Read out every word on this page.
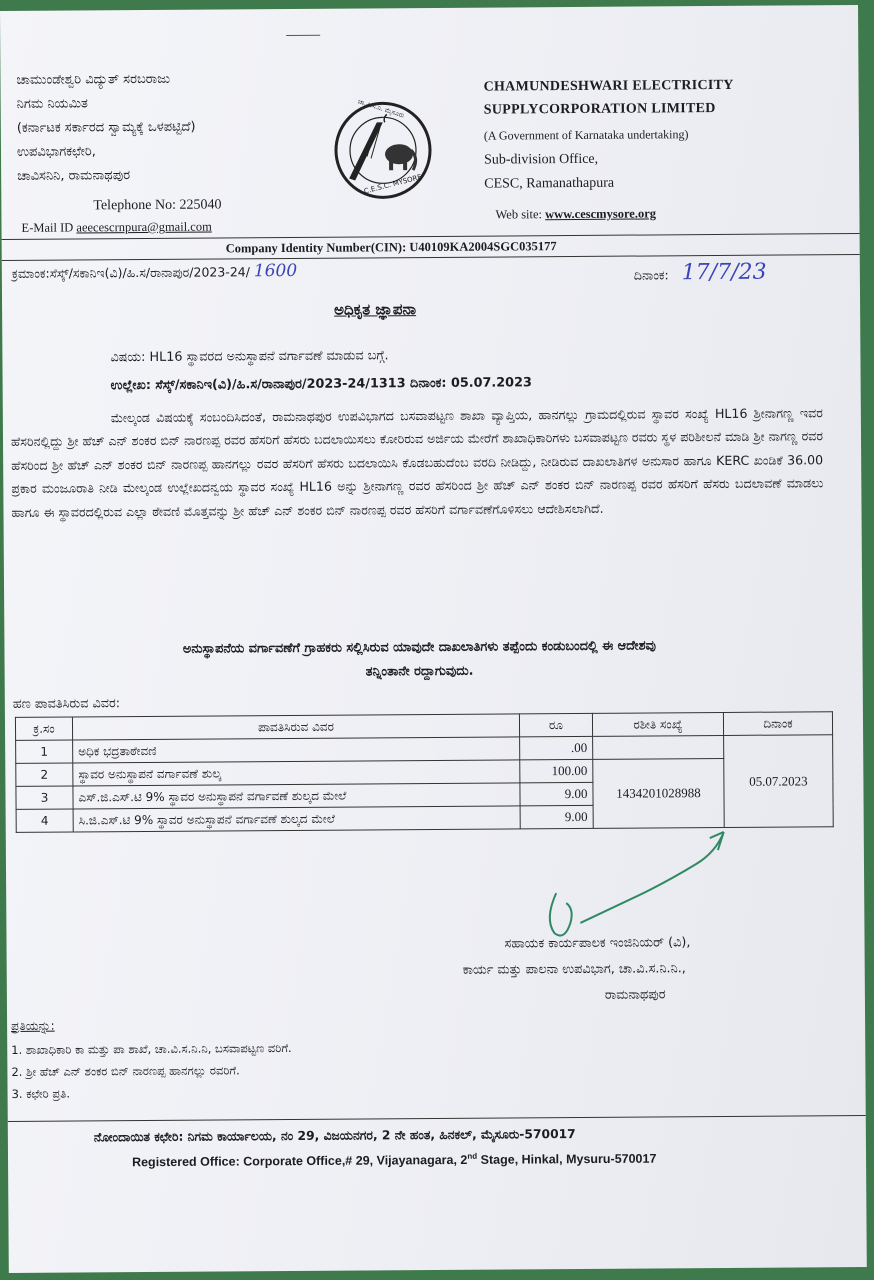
ಚಾಮುಂಡೇಶ್ವರಿ ವಿದ್ಯುತ್ ಸರಬರಾಜು
ನಿಗಮ ನಿಯಮಿತ
(ಕರ್ನಾಟಕ ಸರ್ಕಾರದ ಸ್ವಾಮ್ಯಕ್ಕೆ ಒಳಪಟ್ಟಿದೆ)
ಉಪವಿಭಾಗಕಛೇರಿ,
ಚಾವಿಸನಿನಿ, ರಾಮನಾಥಪುರ
Telephone No: 225040
E-Mail ID aeecescrnpura@gmail.com
ಚಾ.ವಿ.ಸ.ನಿ. ಮೈಸೂರು
C.E.S.C. MYSORE
CHAMUNDESHWARI ELECTRICITY
SUPPLYCORPORATION LIMITED
(A Government of Karnataka undertaking)
Sub-division Office,
CESC, Ramanathapura
Web site: www.cescmysore.org
Company Identity Number(CIN): U40109KA2004SGC035177
ಕ್ರಮಾಂಕ:ಸೆಸ್ಕ್/ಸಕಾನಿಇ(ವಿ)/ಹಿ.ಸ/ರಾನಾಪುರ/2023-24/ 1600	ದಿನಾಂಕ: 17/7/23
ಅಧಿಕೃತ ಜ್ಞಾಪನಾ
ವಿಷಯ: HL16 ಸ್ಥಾವರದ ಅನುಸ್ಥಾಪನೆ ವರ್ಗಾವಣೆ ಮಾಡುವ ಬಗ್ಗೆ.
ಉಲ್ಲೇಖ: ಸೆಸ್ಕ್/ಸಕಾನಿಇ(ವಿ)/ಹಿ.ಸ/ರಾನಾಪುರ/2023-24/1313 ದಿನಾಂಕ: 05.07.2023
ಮೇಲ್ಕಂಡ ವಿಷಯಕ್ಕೆ ಸಂಬಂದಿಸಿದಂತೆ, ರಾಮನಾಥಪುರ ಉಪವಿಭಾಗದ ಬಸವಾಪಟ್ಟಣ ಶಾಖಾ ವ್ಯಾಪ್ತಿಯ, ಹಾನಗಲ್ಲು ಗ್ರಾಮದಲ್ಲಿರುವ ಸ್ಥಾವರ ಸಂಖ್ಯೆ HL16 ಶ್ರೀನಾಗಣ್ಣ ಇವರ ಹೆಸರಿನಲ್ಲಿದ್ದು ಶ್ರೀ ಹೆಚ್ ಎನ್ ಶಂಕರ ಬಿನ್ ನಾರಣಪ್ಪ ರವರ ಹೆಸರಿಗೆ ಹೆಸರು ಬದಲಾಯಿಸಲು ಕೋರಿರುವ ಅರ್ಜಿಯ ಮೇರೆಗೆ ಶಾಖಾಧಿಕಾರಿಗಳು ಬಸವಾಪಟ್ಟಣ ರವರು ಸ್ಥಳ ಪರಿಶೀಲನೆ ಮಾಡಿ ಶ್ರೀ ನಾಗಣ್ಣ ರವರ ಹೆಸರಿಂದ ಶ್ರೀ ಹೆಚ್ ಎನ್ ಶಂಕರ ಬಿನ್ ನಾರಣಪ್ಪ ಹಾನಗಲ್ಲು ರವರ ಹೆಸರಿಗೆ ಹೆಸರು ಬದಲಾಯಿಸಿ ಕೊಡಬಹುದೆಂಬ ವರದಿ ನೀಡಿದ್ದು, ನೀಡಿರುವ ದಾಖಲಾತಿಗಳ ಅನುಸಾರ ಹಾಗೂ KERC ಖಂಡಿಕೆ 36.00 ಪ್ರಕಾರ ಮಂಜೂರಾತಿ ನೀಡಿ ಮೇಲ್ಕಂಡ ಉಲ್ಲೇಖದನ್ವಯ ಸ್ಥಾವರ ಸಂಖ್ಯೆ HL16 ಅನ್ನು ಶ್ರೀನಾಗಣ್ಣ ರವರ ಹೆಸರಿಂದ ಶ್ರೀ ಹೆಚ್ ಎನ್ ಶಂಕರ ಬಿನ್ ನಾರಣಪ್ಪ ರವರ ಹೆಸರಿಗೆ ಹೆಸರು ಬದಲಾವಣೆ ಮಾಡಲು ಹಾಗೂ ಈ ಸ್ಥಾವರದಲ್ಲಿರುವ ಎಲ್ಲಾ ಠೇವಣಿ ಮೊತ್ತವನ್ನು ಶ್ರೀ ಹೆಚ್ ಎನ್ ಶಂಕರ ಬಿನ್ ನಾರಣಪ್ಪ ರವರ ಹೆಸರಿಗೆ ವರ್ಗಾವಣೆಗೊಳಿಸಲು ಆದೇಶಿಸಲಾಗಿದೆ.
ಅನುಸ್ಥಾಪನೆಯ ವರ್ಗಾವಣೆಗೆ ಗ್ರಾಹಕರು ಸಲ್ಲಿಸಿರುವ ಯಾವುದೇ ದಾಖಲಾತಿಗಳು ತಪ್ಪೆಂದು ಕಂಡುಬಂದಲ್ಲಿ ಈ ಆದೇಶವು
ತನ್ನಿಂತಾನೇ ರದ್ದಾಗುವುದು.
ಹಣ ಪಾವತಿಸಿರುವ ವಿವರ:
ಕ್ರ.ಸಂ	ಪಾವತಿಸಿರುವ ವಿವರ	ರೂ	ರಶೀತಿ ಸಂಖ್ಯೆ	ದಿನಾಂಕ
1	ಅಧಿಕ ಭದ್ರತಾಠೇವಣಿ	.00		05.07.2023
2	ಸ್ಥಾವರ ಅನುಸ್ಥಾಪನೆ ವರ್ಗಾವಣೆ ಶುಲ್ಕ	100.00	1434201028988	
3	ಎಸ್.ಜಿ.ಎಸ್.ಟಿ 9% ಸ್ಥಾವರ ಅನುಸ್ಥಾಪನೆ ವರ್ಗಾವಣೆ ಶುಲ್ಕದ ಮೇಲೆ	9.00		
4	ಸಿ.ಜಿ.ಎಸ್.ಟಿ 9% ಸ್ಥಾವರ ಅನುಸ್ಥಾಪನೆ ವರ್ಗಾವಣೆ ಶುಲ್ಕದ ಮೇಲೆ	9.00		
ಸಹಾಯಕ ಕಾರ್ಯಪಾಲಕ ಇಂಜಿನಿಯರ್ (ವಿ),
ಕಾರ್ಯ ಮತ್ತು ಪಾಲನಾ ಉಪವಿಭಾಗ, ಚಾ.ವಿ.ಸ.ನಿ.ನಿ.,
ರಾಮನಾಥಪುರ
ಪ್ರತಿಯನ್ನು:
1. ಶಾಖಾಧಿಕಾರಿ ಕಾ ಮತ್ತು ಪಾ ಶಾಖೆ, ಚಾ.ವಿ.ಸ.ನಿ.ನಿ, ಬಸವಾಪಟ್ಟಣ ವರಿಗೆ.
2. ಶ್ರೀ ಹೆಚ್ ಎನ್ ಶಂಕರ ಬಿನ್ ನಾರಣಪ್ಪ ಹಾನಗಲ್ಲು ರವರಿಗೆ.
3. ಕಛೇರಿ ಪ್ರತಿ.
ನೋಂದಾಯಿತ ಕಛೇರಿ: ನಿಗಮ ಕಾರ್ಯಾಲಯ, ನಂ 29, ವಿಜಯನಗರ, 2 ನೇ ಹಂತ, ಹಿನಕಲ್, ಮೈಸೂರು-570017
Registered Office: Corporate Office,# 29, Vijayanagara, 2nd Stage, Hinkal, Mysuru-570017
